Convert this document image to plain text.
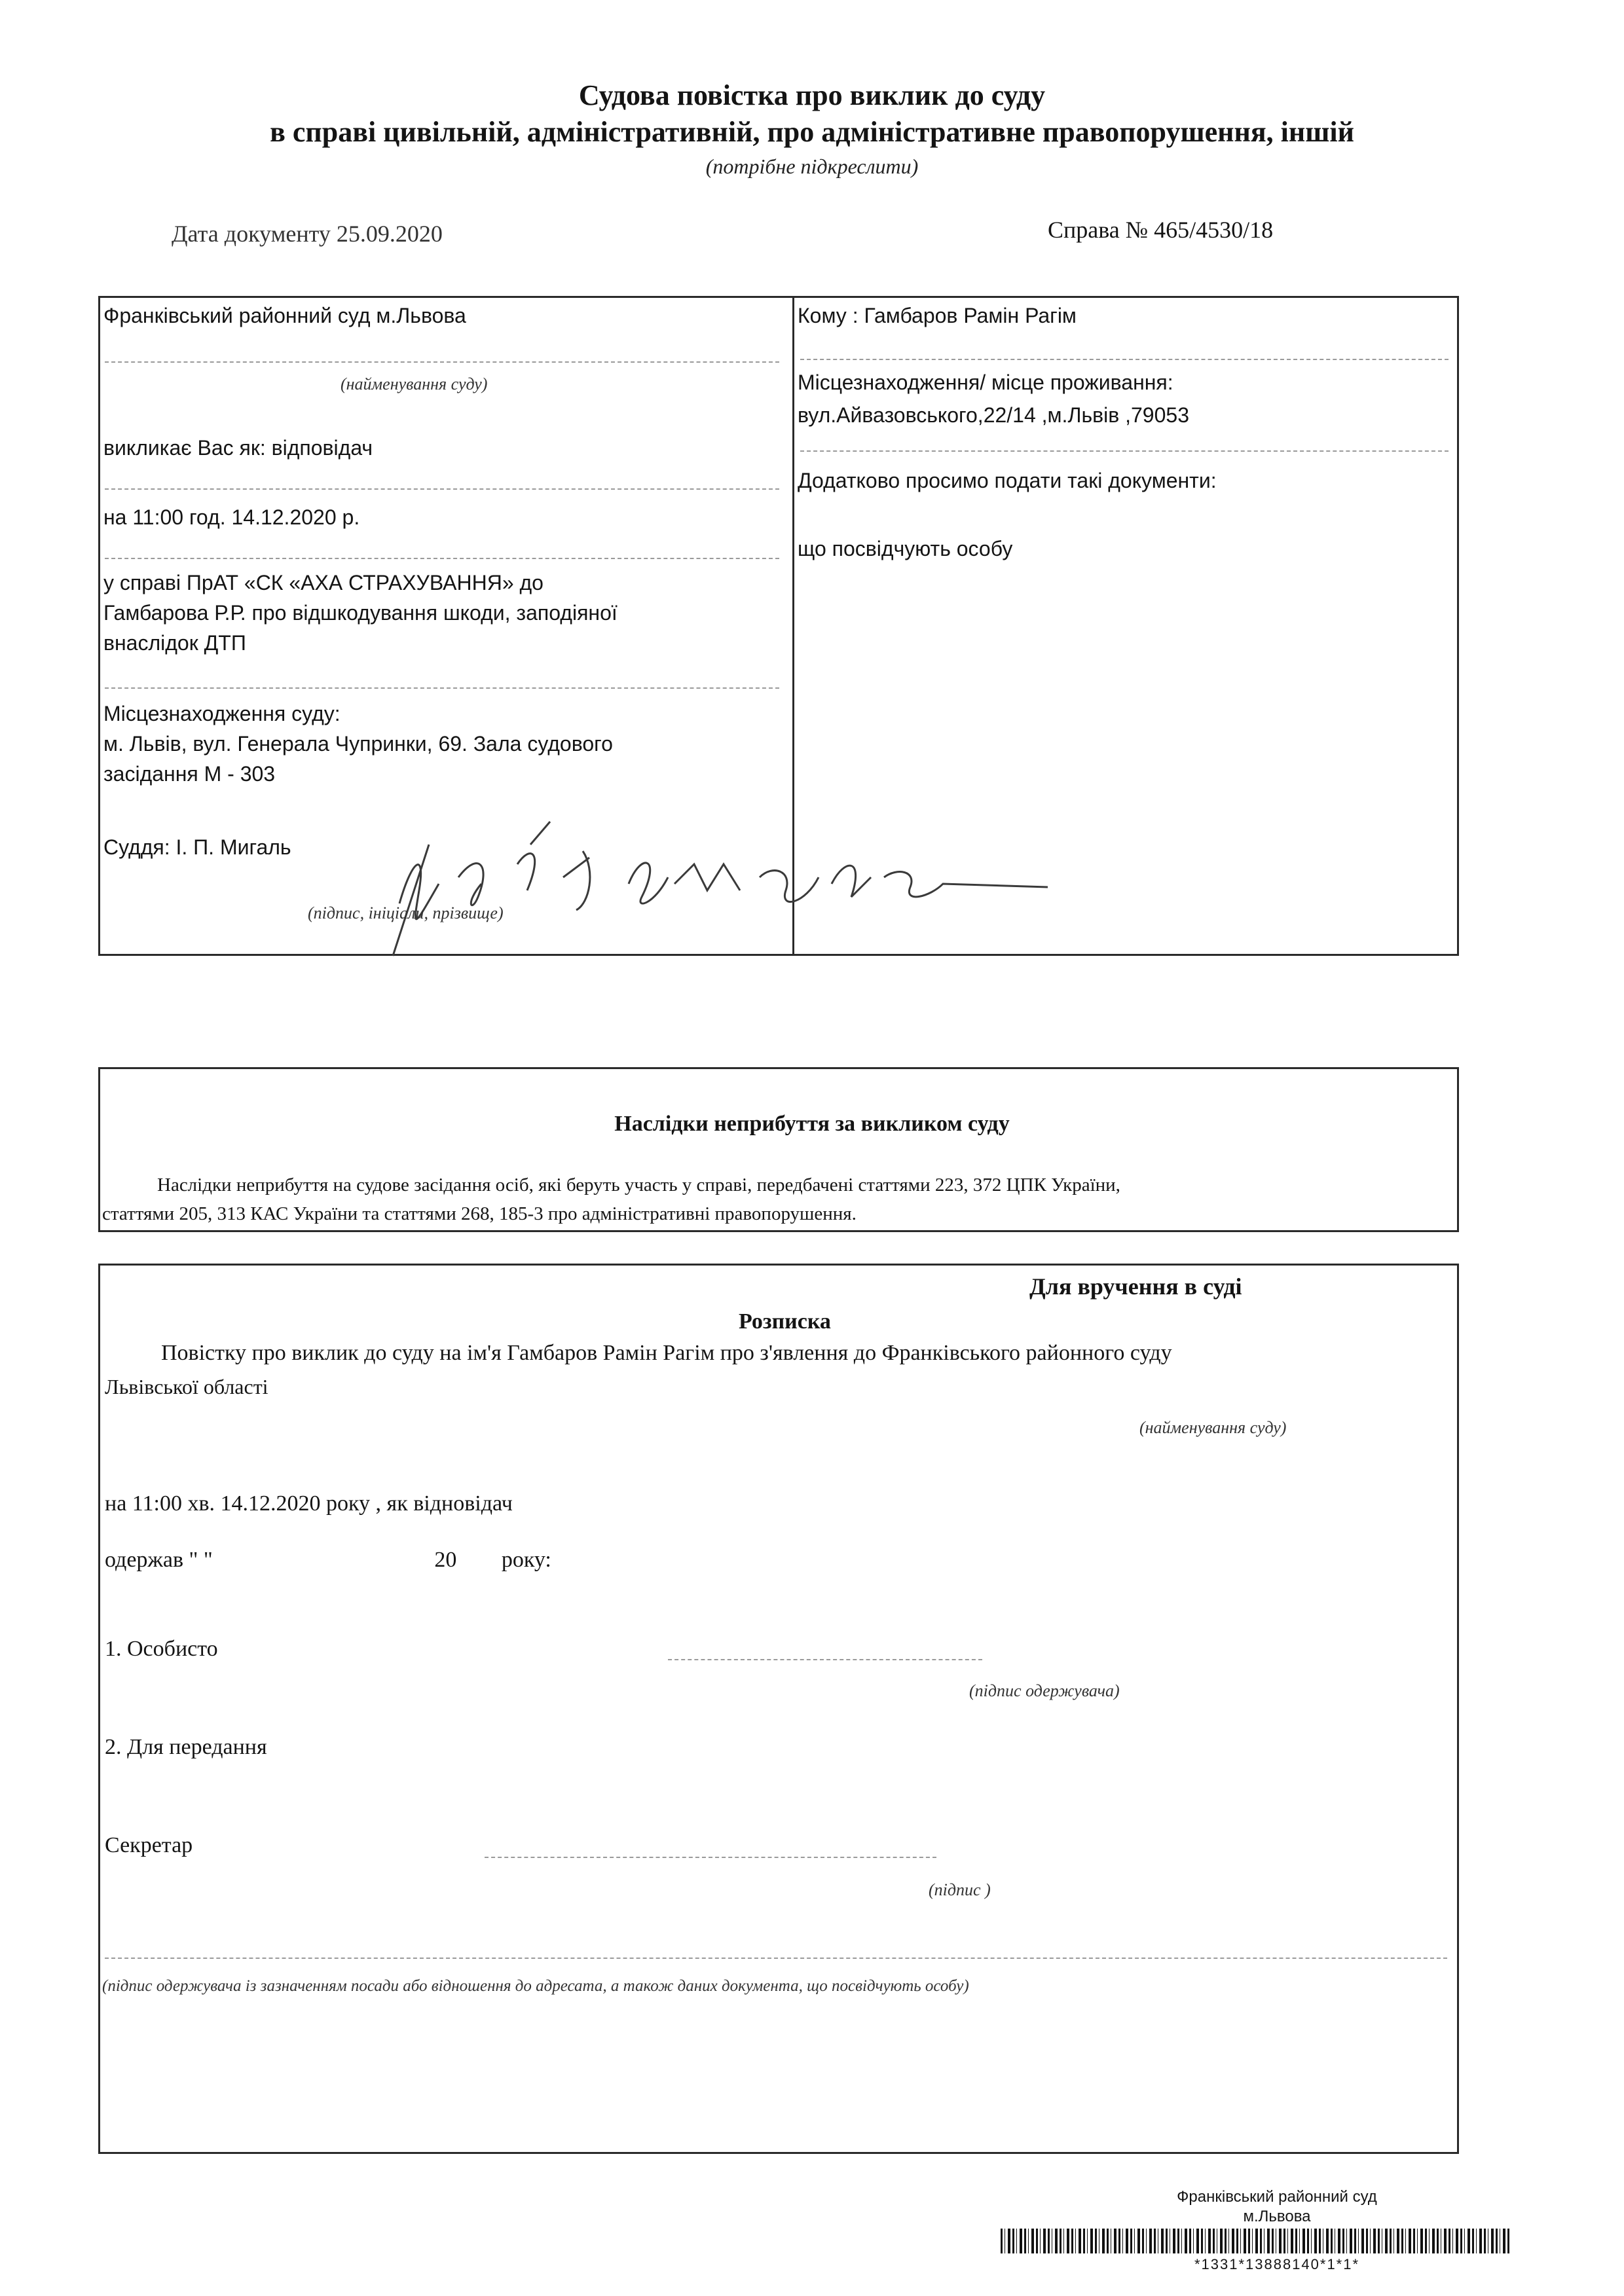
Судова повістка про виклик до суду
в справі цивільній, адміністративній, про адміністративне правопорушення, іншій
(потрібне підкреслити)
Дата документу 25.09.2020	Справа № 465/4530/18
Франківський районний суд м.Львова
(найменування суду)
викликає Вас як: відповідач
на 11:00 год. 14.12.2020 р.
у справі ПрАТ «СК «АХА СТРАХУВАННЯ» до
Гамбарова Р.Р. про відшкодування шкоди, заподіяної
внаслідок ДТП
Місцезнаходження суду:
м. Львів, вул. Генерала Чупринки, 69. Зала судового
засідання М - 303
Суддя: І. П. Мигаль
(підпис, ініціали, прізвище)
Кому : Гамбаров Рамін Рагім
Місцезнаходження/ місце проживання:
вул.Айвазовського,22/14 ,м.Львів ,79053
Додатково просимо подати такі документи:
що посвідчують особу
Наслідки неприбуття за викликом суду
Наслідки неприбуття на судове засідання осіб, які беруть участь у справі, передбачені статтями 223, 372 ЦПК України,
статтями 205, 313 КАС України та статтями 268, 185-3 про адміністративні правопорушення.
Для вручення в суді
Розписка
Повістку про виклик до суду на ім'я Гамбаров Рамін Рагім про з'явлення до Франківського районного суду
Львівської області
(найменування суду)
на 11:00 хв. 14.12.2020 року , як відновідач
одержав " "	20 року:
1. Особисто
(підпис одержувача)
2. Для передання
Секретар
(підпис )
(підпис одержувача із зазначенням посади або відношення до адресата, а також даних документа, що посвідчують особу)
Франківський районний суд
м.Львова
*1331*13888140*1*1*
